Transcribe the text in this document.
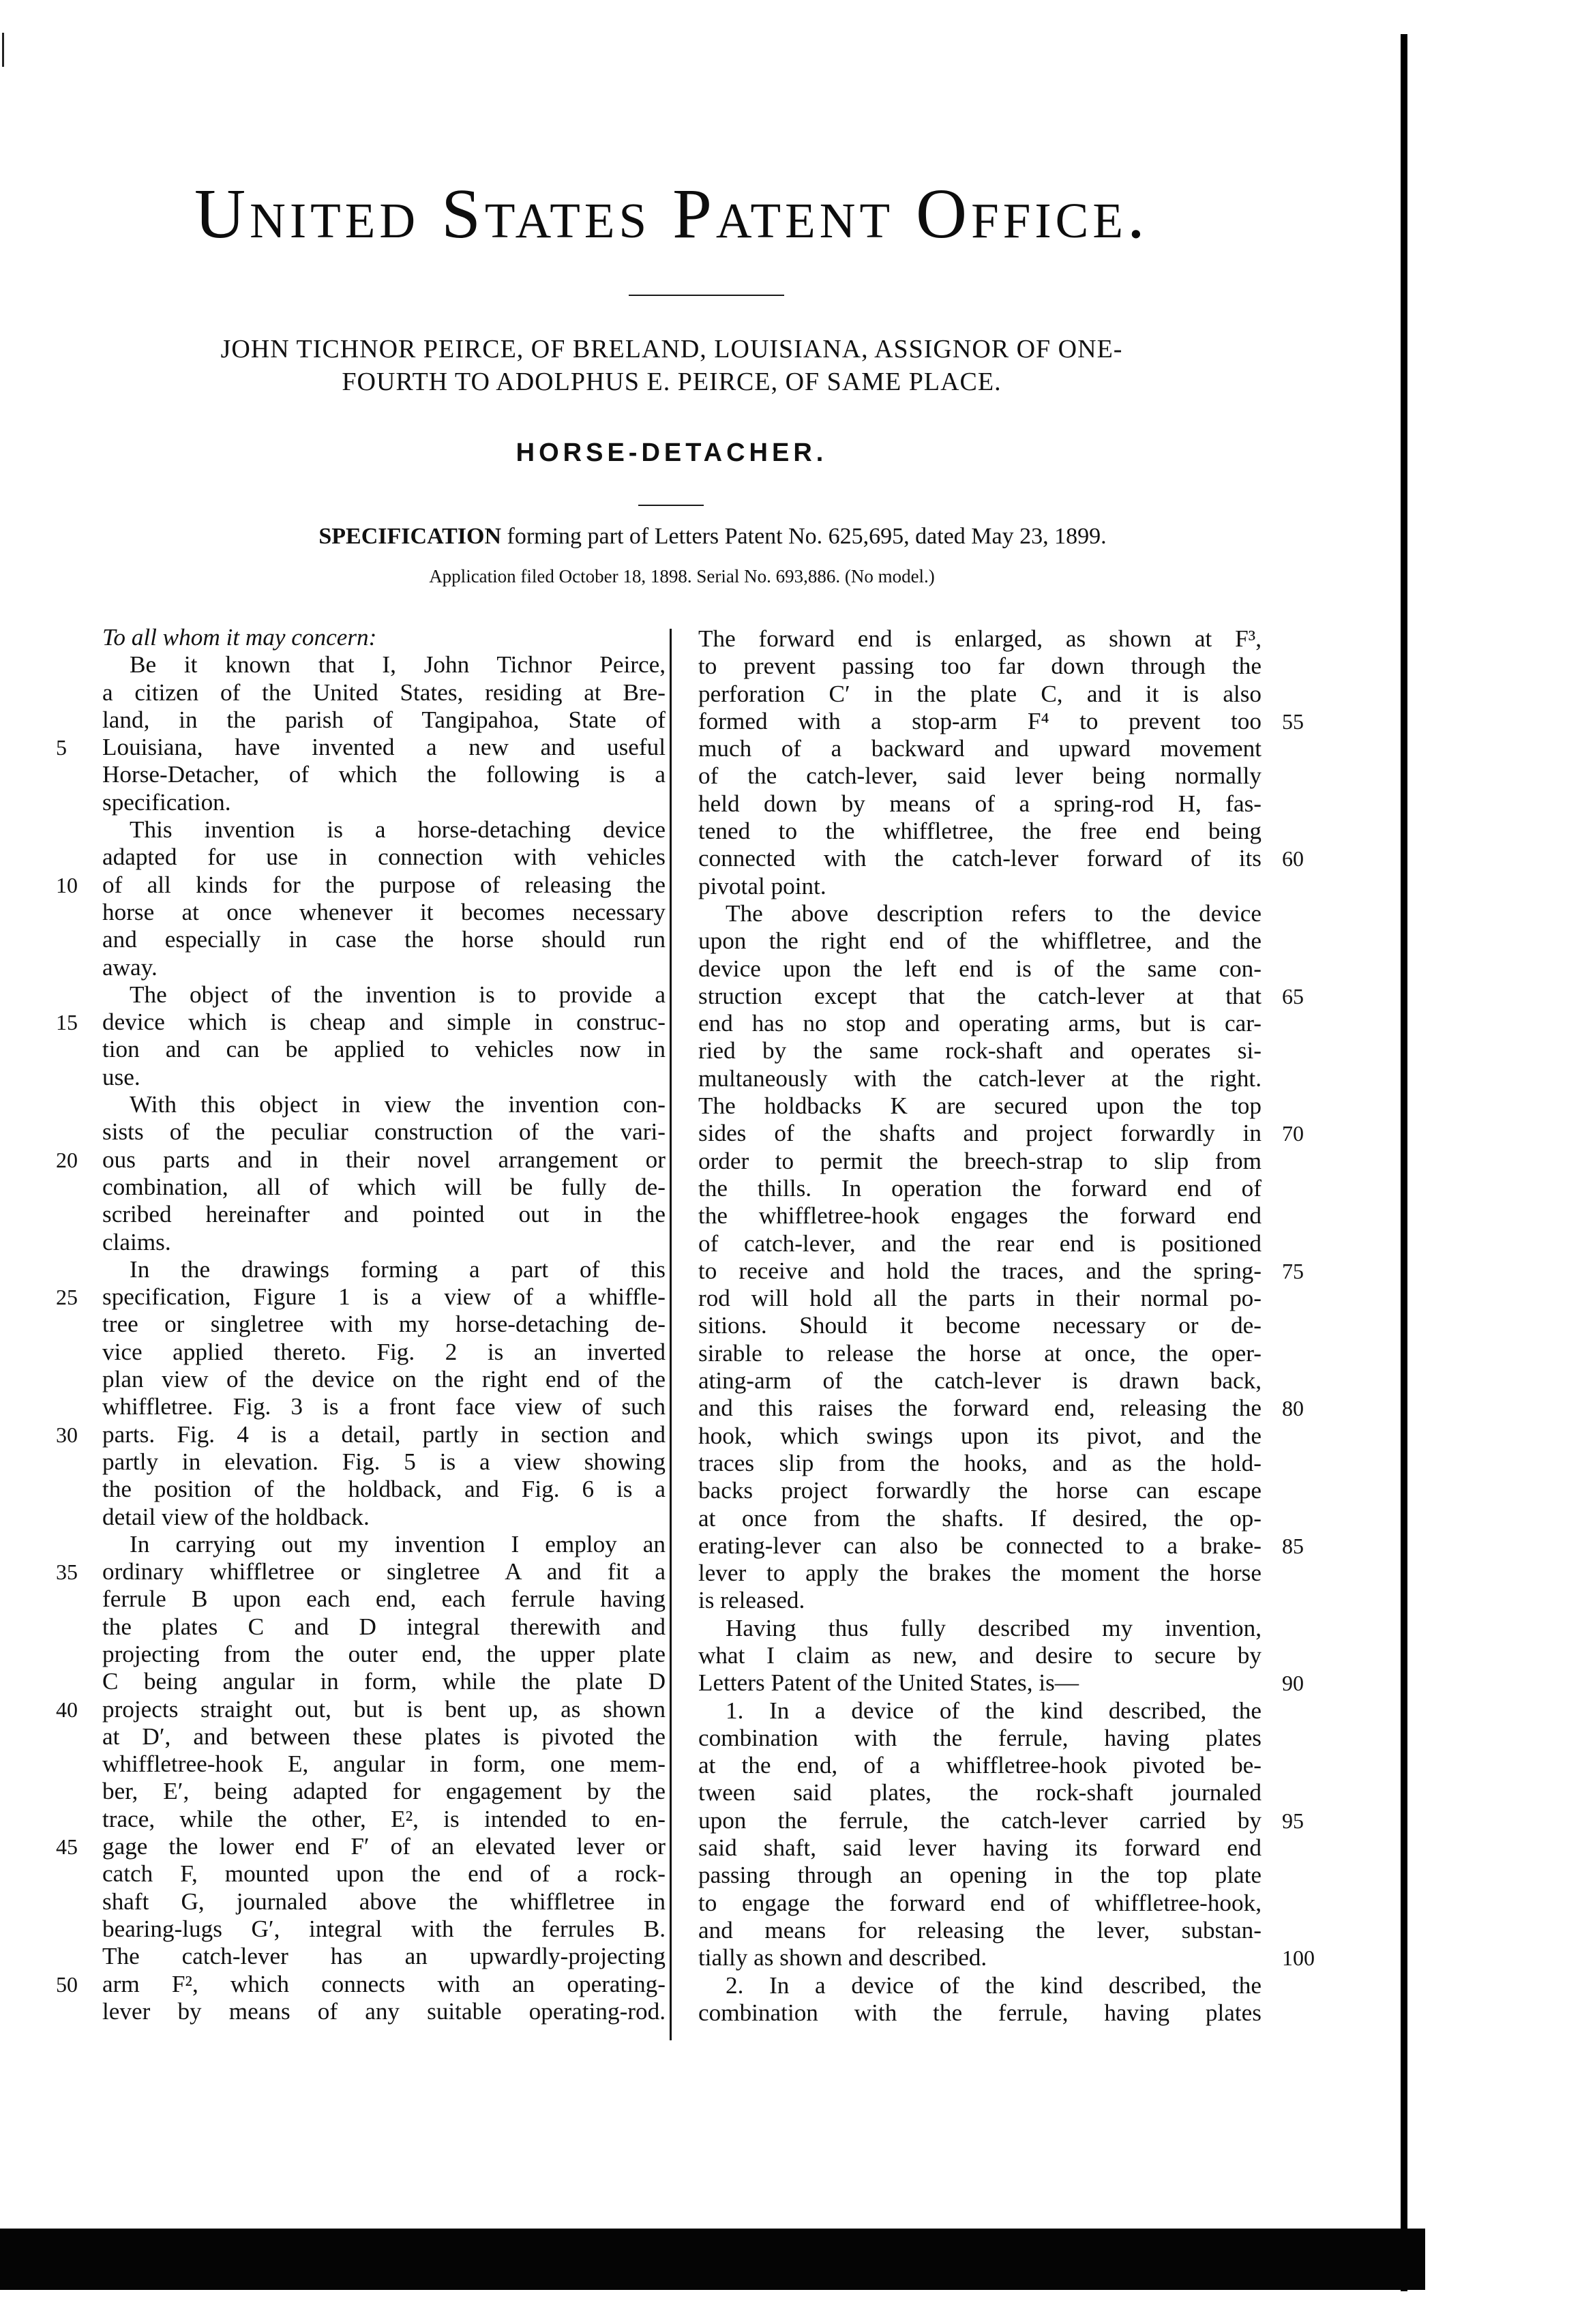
United States Patent Office.
JOHN TICHNOR PEIRCE, OF BRELAND, LOUISIANA, ASSIGNOR OF ONE-
FOURTH TO ADOLPHUS E. PEIRCE, OF SAME PLACE.
HORSE-DETACHER.
SPECIFICATION forming part of Letters Patent No. 625,695, dated May 23, 1899.
Application filed October 18, 1898. Serial No. 693,886. (No model.)
To all whom it may concern:
Be it known that I, John Tichnor Peirce,
a citizen of the United States, residing at Bre-
land, in the parish of Tangipahoa, State of
Louisiana, have invented a new and useful
Horse-Detacher, of which the following is a
specification.
This invention is a horse-detaching device
adapted for use in connection with vehicles
of all kinds for the purpose of releasing the
horse at once whenever it becomes necessary
and especially in case the horse should run
away.
The object of the invention is to provide a
device which is cheap and simple in construc-
tion and can be applied to vehicles now in
use.
With this object in view the invention con-
sists of the peculiar construction of the vari-
ous parts and in their novel arrangement or
combination, all of which will be fully de-
scribed hereinafter and pointed out in the
claims.
In the drawings forming a part of this
specification, Figure 1 is a view of a whiffle-
tree or singletree with my horse-detaching de-
vice applied thereto. Fig. 2 is an inverted
plan view of the device on the right end of the
whiffletree. Fig. 3 is a front face view of such
parts. Fig. 4 is a detail, partly in section and
partly in elevation. Fig. 5 is a view showing
the position of the holdback, and Fig. 6 is a
detail view of the holdback.
In carrying out my invention I employ an
ordinary whiffletree or singletree A and fit a
ferrule B upon each end, each ferrule having
the plates C and D integral therewith and
projecting from the outer end, the upper plate
C being angular in form, while the plate D
projects straight out, but is bent up, as shown
at D′, and between these plates is pivoted the
whiffletree-hook E, angular in form, one mem-
ber, E′, being adapted for engagement by the
trace, while the other, E², is intended to en-
gage the lower end F′ of an elevated lever or
catch F, mounted upon the end of a rock-
shaft G, journaled above the whiffletree in
bearing-lugs G′, integral with the ferrules B.
The catch-lever has an upwardly-projecting
arm F², which connects with an operating-
lever by means of any suitable operating-rod.
The forward end is enlarged, as shown at F³,
to prevent passing too far down through the
perforation C′ in the plate C, and it is also
formed with a stop-arm F⁴ to prevent too
much of a backward and upward movement
of the catch-lever, said lever being normally
held down by means of a spring-rod H, fas-
tened to the whiffletree, the free end being
connected with the catch-lever forward of its
pivotal point.
The above description refers to the device
upon the right end of the whiffletree, and the
device upon the left end is of the same con-
struction except that the catch-lever at that
end has no stop and operating arms, but is car-
ried by the same rock-shaft and operates si-
multaneously with the catch-lever at the right.
The holdbacks K are secured upon the top
sides of the shafts and project forwardly in
order to permit the breech-strap to slip from
the thills. In operation the forward end of
the whiffletree-hook engages the forward end
of catch-lever, and the rear end is positioned
to receive and hold the traces, and the spring-
rod will hold all the parts in their normal po-
sitions. Should it become necessary or de-
sirable to release the horse at once, the oper-
ating-arm of the catch-lever is drawn back,
and this raises the forward end, releasing the
hook, which swings upon its pivot, and the
traces slip from the hooks, and as the hold-
backs project forwardly the horse can escape
at once from the shafts. If desired, the op-
erating-lever can also be connected to a brake-
lever to apply the brakes the moment the horse
is released.
Having thus fully described my invention,
what I claim as new, and desire to secure by
Letters Patent of the United States, is—
1. In a device of the kind described, the
combination with the ferrule, having plates
at the end, of a whiffletree-hook pivoted be-
tween said plates, the rock-shaft journaled
upon the ferrule, the catch-lever carried by
said shaft, said lever having its forward end
passing through an opening in the top plate
to engage the forward end of whiffletree-hook,
and means for releasing the lever, substan-
tially as shown and described.
2. In a device of the kind described, the
combination with the ferrule, having plates
5
10
15
20
25
30
35
40
45
50
55
60
65
70
75
80
85
90
95
100
